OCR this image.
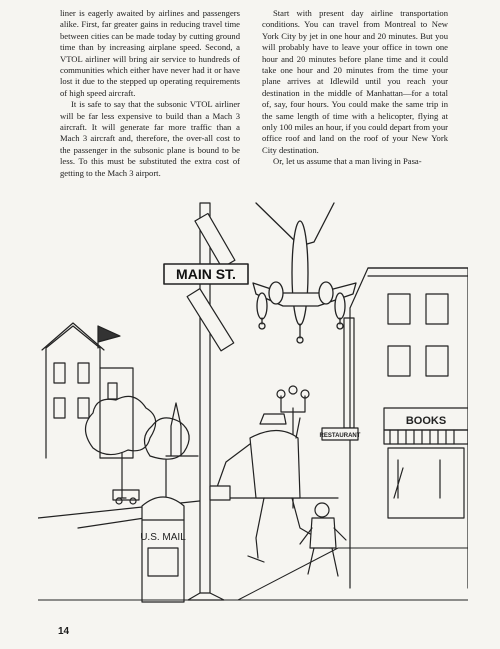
liner is eagerly awaited by airlines and passengers alike. First, far greater gains in reducing travel time between cities can be made today by cutting ground time than by increasing airplane speed. Second, a VTOL airliner will bring air service to hundreds of communities which either have never had it or have lost it due to the stepped up operating requirements of high speed aircraft.

It is safe to say that the subsonic VTOL airliner will be far less expensive to build than a Mach 3 aircraft. It will generate far more traffic than a Mach 3 aircraft and, therefore, the over-all cost to the passenger in the subsonic plane is bound to be less. To this must be substituted the extra cost of getting to the Mach 3 airport.

Start with present day airline transportation conditions. You can travel from Montreal to New York City by jet in one hour and 20 minutes. But you will probably have to leave your office in town one hour and 20 minutes before plane time and it could take one hour and 20 minutes from the time your plane arrives at Idlewild until you reach your destination in the middle of Manhattan—for a total of, say, four hours. You could make the same trip in the same length of time with a helicopter, flying at only 100 miles an hour, if you could depart from your office roof and land on the roof of your New York City destination.

Or, let us assume that a man living in Pasa-

MAIN ST.
BOOKS
RESTAURANT
U.S. MAIL
14
